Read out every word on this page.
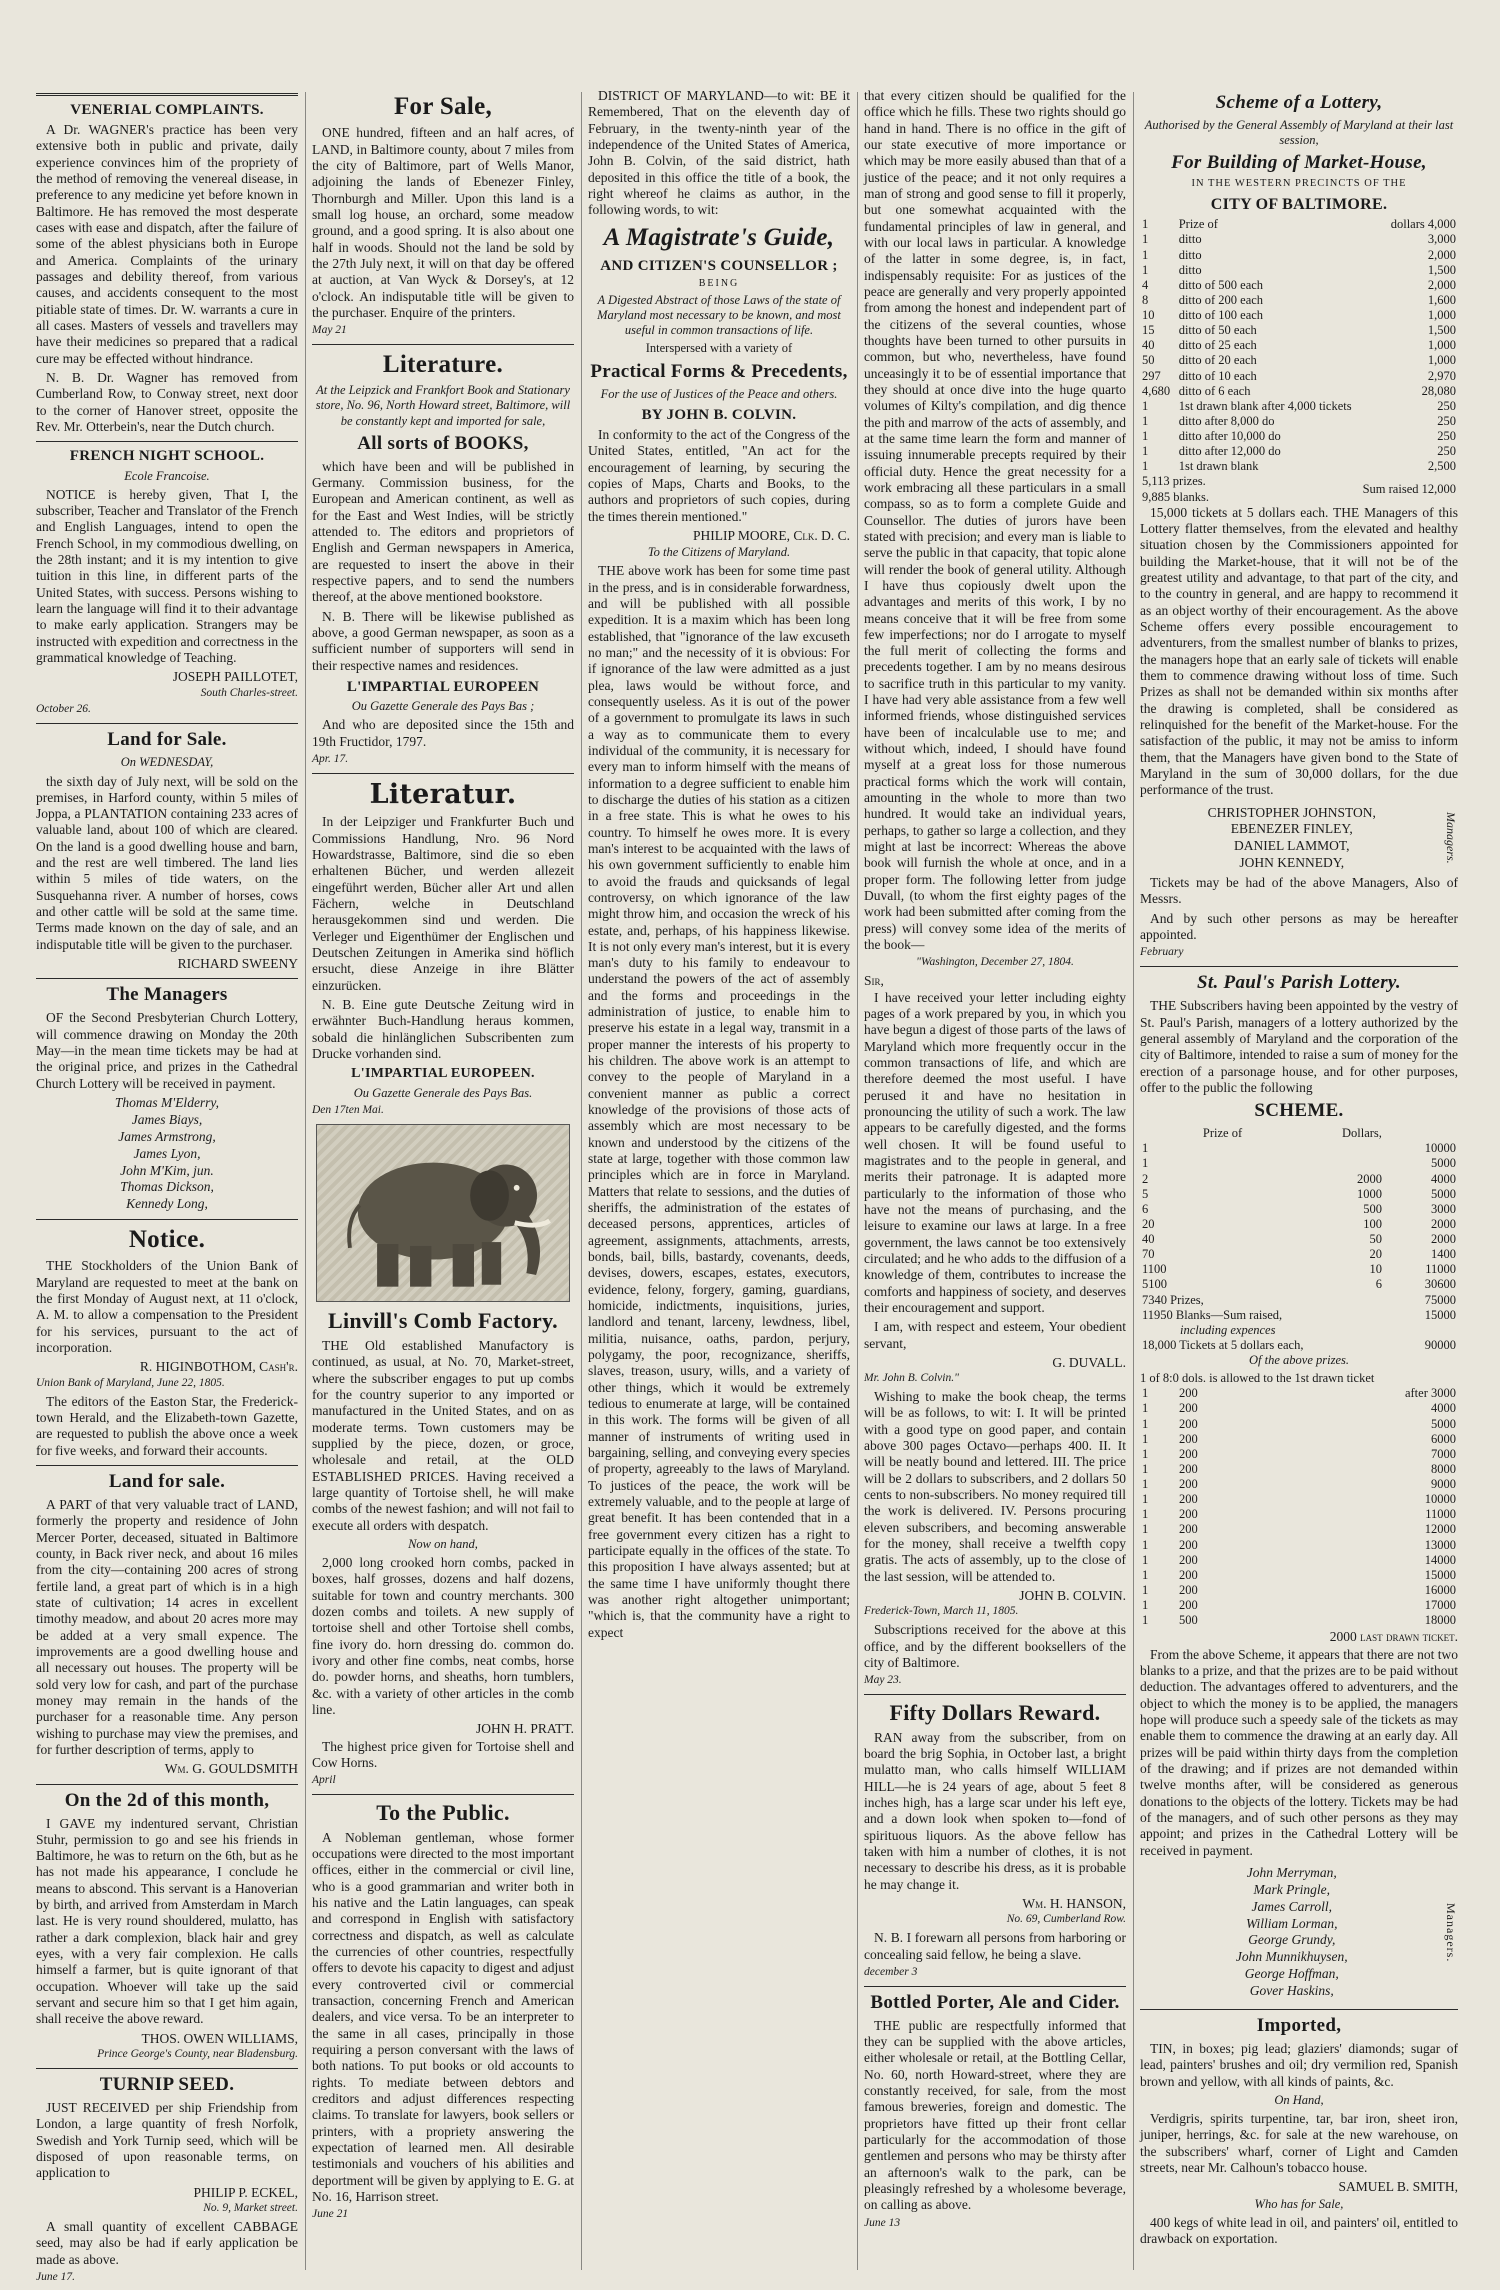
VENERIAL COMPLAINTS.

A Dr. WAGNER's practice has been very extensive both in public and private, daily experience convinces him of the propriety of the method of removing the venereal disease, in preference to any medicine yet before known in Baltimore. He has removed the most desperate cases with ease and dispatch, after the failure of some of the ablest physicians both in Europe and America. Complaints of the urinary passages and debility thereof, from various causes, and accidents consequent to the most pitiable state of times. Dr. W. warrants a cure in all cases. Masters of vessels and travellers may have their medicines so prepared that a radical cure may be effected without hindrance.

N. B. Dr. Wagner has removed from Cumberland Row, to Conway street, next door to the corner of Hanover street, opposite the Rev. Mr. Otterbein's, near the Dutch church.

FRENCH NIGHT SCHOOL.
Ecole Francoise.

NOTICE is hereby given, That I, the subscriber, Teacher and Translator of the French and English Languages, intend to open the French School, in my commodious dwelling, on the 28th instant; and it is my intention to give tuition in this line, in different parts of the United States, with success. Persons wishing to learn the language will find it to their advantage to make early application. Strangers may be instructed with expedition and correctness in the grammatical knowledge of Teaching.

JOSEPH PAILLOTET,
South Charles-street.
October 26.
Land for Sale.
On WEDNESDAY,

the sixth day of July next, will be sold on the premises, in Harford county, within 5 miles of Joppa, a PLANTATION containing 233 acres of valuable land, about 100 of which are cleared. On the land is a good dwelling house and barn, and the rest are well timbered. The land lies within 5 miles of tide waters, on the Susquehanna river. A number of horses, cows and other cattle will be sold at the same time. Terms made known on the day of sale, and an indisputable title will be given to the purchaser.

RICHARD SWEENY
The Managers

OF the Second Presbyterian Church Lottery, will commence drawing on Monday the 20th May—in the mean time tickets may be had at the original price, and prizes in the Cathedral Church Lottery will be received in payment.

Thomas M'Elderry,
James Biays,
James Armstrong,
James Lyon,
John M'Kim, jun.
Thomas Dickson,
Kennedy Long,
Notice.

THE Stockholders of the Union Bank of Maryland are requested to meet at the bank on the first Monday of August next, at 11 o'clock, A. M. to allow a compensation to the President for his services, pursuant to the act of incorporation.

R. HIGINBOTHOM, Cash'r.
Union Bank of Maryland, June 22, 1805.

The editors of the Easton Star, the Frederick-town Herald, and the Elizabeth-town Gazette, are requested to publish the above once a week for five weeks, and forward their accounts.

Land for sale.

A PART of that very valuable tract of LAND, formerly the property and residence of John Mercer Porter, deceased, situated in Baltimore county, in Back river neck, and about 16 miles from the city—containing 200 acres of strong fertile land, a great part of which is in a high state of cultivation; 14 acres in excellent timothy meadow, and about 20 acres more may be added at a very small expence. The improvements are a good dwelling house and all necessary out houses. The property will be sold very low for cash, and part of the purchase money may remain in the hands of the purchaser for a reasonable time. Any person wishing to purchase may view the premises, and for further description of terms, apply to

Wm. G. GOULDSMITH
On the 2d of this month,

I GAVE my indentured servant, Christian Stuhr, permission to go and see his friends in Baltimore, he was to return on the 6th, but as he has not made his appearance, I conclude he means to abscond. This servant is a Hanoverian by birth, and arrived from Amsterdam in March last. He is very round shouldered, mulatto, has rather a dark complexion, black hair and grey eyes, with a very fair complexion. He calls himself a farmer, but is quite ignorant of that occupation. Whoever will take up the said servant and secure him so that I get him again, shall receive the above reward.

THOS. OWEN WILLIAMS,
Prince George's County, near Bladensburg.
TURNIP SEED.

JUST RECEIVED per ship Friendship from London, a large quantity of fresh Norfolk, Swedish and York Turnip seed, which will be disposed of upon reasonable terms, on application to

PHILIP P. ECKEL,
No. 9, Market street.

A small quantity of excellent CABBAGE seed, may also be had if early application be made as above.

June 17.
For Sale,

ONE hundred, fifteen and an half acres, of LAND, in Baltimore county, about 7 miles from the city of Baltimore, part of Wells Manor, adjoining the lands of Ebenezer Finley, Thornburgh and Miller. Upon this land is a small log house, an orchard, some meadow ground, and a good spring. It is also about one half in woods. Should not the land be sold by the 27th July next, it will on that day be offered at auction, at Van Wyck & Dorsey's, at 12 o'clock. An indisputable title will be given to the purchaser. Enquire of the printers.

May 21
Literature.
At the Leipzick and Frankfort Book and Stationary store, No. 96, North Howard street, Baltimore, will be constantly kept and imported for sale,
All sorts of BOOKS,

which have been and will be published in Germany. Commission business, for the European and American continent, as well as for the East and West Indies, will be strictly attended to. The editors and proprietors of English and German newspapers in America, are requested to insert the above in their respective papers, and to send the numbers thereof, at the above mentioned bookstore.

N. B. There will be likewise published as above, a good German newspaper, as soon as a sufficient number of supporters will send in their respective names and residences.

L'IMPARTIAL EUROPEEN
Ou Gazette Generale des Pays Bas ;

And who are deposited since the 15th and 19th Fructidor, 1797.

Apr. 17.
Literatur.

In der Leipziger und Frankfurter Buch und Commissions Handlung, Nro. 96 Nord Howardstrasse, Baltimore, sind die so eben erhaltenen Bücher, und werden allezeit eingeführt werden, Bücher aller Art und allen Fächern, welche in Deutschland herausgekommen sind und werden. Die Verleger und Eigenthümer der Englischen und Deutschen Zeitungen in Amerika sind höflich ersucht, diese Anzeige in ihre Blätter einzurücken.

N. B. Eine gute Deutsche Zeitung wird in erwähnter Buch-Handlung heraus kommen, sobald die hinlänglichen Subscribenten zum Drucke vorhanden sind.

L'IMPARTIAL EUROPEEN.
Ou Gazette Generale des Pays Bas.
Den 17ten Mai.
Linvill's Comb Factory.

THE Old established Manufactory is continued, as usual, at No. 70, Market-street, where the subscriber engages to put up combs for the country superior to any imported or manufactured in the United States, and on as moderate terms. Town customers may be supplied by the piece, dozen, or groce, wholesale and retail, at the OLD ESTABLISHED PRICES. Having received a large quantity of Tortoise shell, he will make combs of the newest fashion; and will not fail to execute all orders with despatch.

Now on hand,

2,000 long crooked horn combs, packed in boxes, half grosses, dozens and half dozens, suitable for town and country merchants. 300 dozen combs and toilets. A new supply of tortoise shell and other Tortoise shell combs, fine ivory do. horn dressing do. common do. ivory and other fine combs, neat combs, horse do. powder horns, and sheaths, horn tumblers, &c. with a variety of other articles in the comb line.

JOHN H. PRATT.

The highest price given for Tortoise shell and Cow Horns.

April
To the Public.

A Nobleman gentleman, whose former occupations were directed to the most important offices, either in the commercial or civil line, who is a good grammarian and writer both in his native and the Latin languages, can speak and correspond in English with satisfactory correctness and dispatch, as well as calculate the currencies of other countries, respectfully offers to devote his capacity to digest and adjust every controverted civil or commercial transaction, concerning French and American dealers, and vice versa. To be an interpreter to the same in all cases, principally in those requiring a person conversant with the laws of both nations. To put books or old accounts to rights. To mediate between debtors and creditors and adjust differences respecting claims. To translate for lawyers, book sellers or printers, with a propriety answering the expectation of learned men. All desirable testimonials and vouchers of his abilities and deportment will be given by applying to E. G. at No. 16, Harrison street.

June 21

DISTRICT OF MARYLAND—to wit: BE it Remembered, That on the eleventh day of February, in the twenty-ninth year of the independence of the United States of America, John B. Colvin, of the said district, hath deposited in this office the title of a book, the right whereof he claims as author, in the following words, to wit:

A Magistrate's Guide,
AND CITIZEN'S COUNSELLOR ;
BEING
A Digested Abstract of those Laws of the state of Maryland most necessary to be known, and most useful in common transactions of life.
Interspersed with a variety of
Practical Forms & Precedents,
For the use of Justices of the Peace and others.
BY JOHN B. COLVIN.

In conformity to the act of the Congress of the United States, entitled, "An act for the encouragement of learning, by securing the copies of Maps, Charts and Books, to the authors and proprietors of such copies, during the times therein mentioned."

PHILIP MOORE, Clk. D. C.
To the Citizens of Maryland.

THE above work has been for some time past in the press, and is in considerable forwardness, and will be published with all possible expedition. It is a maxim which has been long established, that "ignorance of the law excuseth no man;" and the necessity of it is obvious: For if ignorance of the law were admitted as a just plea, laws would be without force, and consequently useless. As it is out of the power of a government to promulgate its laws in such a way as to communicate them to every individual of the community, it is necessary for every man to inform himself with the means of information to a degree sufficient to enable him to discharge the duties of his station as a citizen in a free state. This is what he owes to his country. To himself he owes more. It is every man's interest to be acquainted with the laws of his own government sufficiently to enable him to avoid the frauds and quicksands of legal controversy, on which ignorance of the law might throw him, and occasion the wreck of his estate, and, perhaps, of his happiness likewise. It is not only every man's interest, but it is every man's duty to his family to endeavour to understand the powers of the act of assembly and the forms and proceedings in the administration of justice, to enable him to preserve his estate in a legal way, transmit in a proper manner the interests of his property to his children. The above work is an attempt to convey to the people of Maryland in a convenient manner as public a correct knowledge of the provisions of those acts of assembly which are most necessary to be known and understood by the citizens of the state at large, together with those common law principles which are in force in Maryland. Matters that relate to sessions, and the duties of sheriffs, the administration of the estates of deceased persons, apprentices, articles of agreement, assignments, attachments, arrests, bonds, bail, bills, bastardy, covenants, deeds, devises, dowers, escapes, estates, executors, evidence, felony, forgery, gaming, guardians, homicide, indictments, inquisitions, juries, landlord and tenant, larceny, lewdness, libel, militia, nuisance, oaths, pardon, perjury, polygamy, the poor, recognizance, sheriffs, slaves, treason, usury, wills, and a variety of other things, which it would be extremely tedious to enumerate at large, will be contained in this work. The forms will be given of all manner of instruments of writing used in bargaining, selling, and conveying every species of property, agreeably to the laws of Maryland. To justices of the peace, the work will be extremely valuable, and to the people at large of great benefit. It has been contended that in a free government every citizen has a right to participate equally in the offices of the state. To this proposition I have always assented; but at the same time I have uniformly thought there was another right altogether unimportant; "which is, that the community have a right to expect

that every citizen should be qualified for the office which he fills. These two rights should go hand in hand. There is no office in the gift of our state executive of more importance or which may be more easily abused than that of a justice of the peace; and it not only requires a man of strong and good sense to fill it properly, but one somewhat acquainted with the fundamental principles of law in general, and with our local laws in particular. A knowledge of the latter in some degree, is, in fact, indispensably requisite: For as justices of the peace are generally and very properly appointed from among the honest and independent part of the citizens of the several counties, whose thoughts have been turned to other pursuits in common, but who, nevertheless, have found unceasingly it to be of essential importance that they should at once dive into the huge quarto volumes of Kilty's compilation, and dig thence the pith and marrow of the acts of assembly, and at the same time learn the form and manner of issuing innumerable precepts required by their official duty. Hence the great necessity for a work embracing all these particulars in a small compass, so as to form a complete Guide and Counsellor. The duties of jurors have been stated with precision; and every man is liable to serve the public in that capacity, that topic alone will render the book of general utility. Although I have thus copiously dwelt upon the advantages and merits of this work, I by no means conceive that it will be free from some few imperfections; nor do I arrogate to myself the full merit of collecting the forms and precedents together. I am by no means desirous to sacrifice truth in this particular to my vanity. I have had very able assistance from a few well informed friends, whose distinguished services have been of incalculable use to me; and without which, indeed, I should have found myself at a great loss for those numerous practical forms which the work will contain, amounting in the whole to more than two hundred. It would take an individual years, perhaps, to gather so large a collection, and they might at last be incorrect: Whereas the above book will furnish the whole at once, and in a proper form. The following letter from judge Duvall, (to whom the first eighty pages of the work had been submitted after coming from the press) will convey some idea of the merits of the book—

"Washington, December 27, 1804.
Sir,

I have received your letter including eighty pages of a work prepared by you, in which you have begun a digest of those parts of the laws of Maryland which more frequently occur in the common transactions of life, and which are therefore deemed the most useful. I have perused it and have no hesitation in pronouncing the utility of such a work. The law appears to be carefully digested, and the forms well chosen. It will be found useful to magistrates and to the people in general, and merits their patronage. It is adapted more particularly to the information of those who have not the means of purchasing, and the leisure to examine our laws at large. In a free government, the laws cannot be too extensively circulated; and he who adds to the diffusion of a knowledge of them, contributes to increase the comforts and happiness of society, and deserves their encouragement and support.

I am, with respect and esteem, Your obedient servant,

G. DUVALL.
Mr. John B. Colvin."

Wishing to make the book cheap, the terms will be as follows, to wit: I. It will be printed with a good type on good paper, and contain above 300 pages Octavo—perhaps 400. II. It will be neatly bound and lettered. III. The price will be 2 dollars to subscribers, and 2 dollars 50 cents to non-subscribers. No money required till the work is delivered. IV. Persons procuring eleven subscribers, and becoming answerable for the money, shall receive a twelfth copy gratis. The acts of assembly, up to the close of the last session, will be attended to.

JOHN B. COLVIN.
Frederick-Town, March 11, 1805.

Subscriptions received for the above at this office, and by the different booksellers of the city of Baltimore.

May 23.
Fifty Dollars Reward.

RAN away from the subscriber, from on board the brig Sophia, in October last, a bright mulatto man, who calls himself WILLIAM HILL—he is 24 years of age, about 5 feet 8 inches high, has a large scar under his left eye, and a down look when spoken to—fond of spirituous liquors. As the above fellow has taken with him a number of clothes, it is not necessary to describe his dress, as it is probable he may change it.

Wm. H. HANSON,
No. 69, Cumberland Row.

N. B. I forewarn all persons from harboring or concealing said fellow, he being a slave.

december 3
Bottled Porter, Ale and Cider.

THE public are respectfully informed that they can be supplied with the above articles, either wholesale or retail, at the Bottling Cellar, No. 60, north Howard-street, where they are constantly received, for sale, from the most famous breweries, foreign and domestic. The proprietors have fitted up their front cellar particularly for the accommodation of those gentlemen and persons who may be thirsty after an afternoon's walk to the park, can be pleasingly refreshed by a wholesome beverage, on calling as above.

June 13
Scheme of a Lottery,
Authorised by the General Assembly of Maryland at their last session,
For Building of Market-House,
IN THE WESTERN PRECINCTS OF THE
CITY OF BALTIMORE.
1	Prize of	dollars 4,000
1	ditto	3,000
1	ditto	2,000
1	ditto	1,500
4	ditto of 500 each	2,000
8	ditto of 200 each	1,600
10	ditto of 100 each	1,000
15	ditto of 50 each	1,500
40	ditto of 25 each	1,000
50	ditto of 20 each	1,000
297	ditto of 10 each	2,970
4,680	ditto of 6 each	28,080
1	1st drawn blank after 4,000 tickets	250
1	ditto after 8,000 do	250
1	ditto after 10,000 do	250
1	ditto after 12,000 do	250
1	1st drawn blank	2,500
5,113 prizes.	Sum raised 12,000
9,885 blanks.

15,000 tickets at 5 dollars each. THE Managers of this Lottery flatter themselves, from the elevated and healthy situation chosen by the Commissioners appointed for building the Market-house, that it will not be of the greatest utility and advantage, to that part of the city, and to the country in general, and are happy to recommend it as an object worthy of their encouragement. As the above Scheme offers every possible encouragement to adventurers, from the smallest number of blanks to prizes, the managers hope that an early sale of tickets will enable them to commence drawing without loss of time. Such Prizes as shall not be demanded within six months after the drawing is completed, shall be considered as relinquished for the benefit of the Market-house. For the satisfaction of the public, it may not be amiss to inform them, that the Managers have given bond to the State of Maryland in the sum of 30,000 dollars, for the due performance of the trust.

CHRISTOPHER JOHNSTON,
EBENEZER FINLEY,
DANIEL LAMMOT,
JOHN KENNEDY,	Managers.

Tickets may be had of the above Managers, Also of Messrs.

And by such other persons as may be hereafter appointed.

February
St. Paul's Parish Lottery.

THE Subscribers having been appointed by the vestry of St. Paul's Parish, managers of a lottery authorized by the general assembly of Maryland and the corporation of the city of Baltimore, intended to raise a sum of money for the erection of a parsonage house, and for other purposes, offer to the public the following

SCHEME.
	Prize of	Dollars,	
1			10000
1			5000
2		2000	4000
5		1000	5000
6		500	3000
20		100	2000
40		50	2000
70		20	1400
1100		10	11000
5100		6	30600
7340 Prizes,	75000
11950 Blanks—Sum raised,	15000
including expences	
18,000 Tickets at 5 dollars each,	90000
Of the above prizes.
1 of 8:0 dols. is allowed to the 1st drawn ticket
1	200	after 3000
1	200	4000
1	200	5000
1	200	6000
1	200	7000
1	200	8000
1	200	9000
1	200	10000
1	200	11000
1	200	12000
1	200	13000
1	200	14000
1	200	15000
1	200	16000
1	200	17000
1	500	18000
2000 last drawn ticket.

From the above Scheme, it appears that there are not two blanks to a prize, and that the prizes are to be paid without deduction. The advantages offered to adventurers, and the object to which the money is to be applied, the managers hope will produce such a speedy sale of the tickets as may enable them to commence the drawing at an early day. All prizes will be paid within thirty days from the completion of the drawing; and if prizes are not demanded within twelve months after, will be considered as generous donations to the objects of the lottery. Tickets may be had of the managers, and of such other persons as they may appoint; and prizes in the Cathedral Lottery will be received in payment.

John Merryman,
Mark Pringle,
James Carroll,
William Lorman,
George Grundy,
John Munnikhuysen,
George Hoffman,
Gover Haskins,
Managers.
Imported,

TIN, in boxes; pig lead; glaziers' diamonds; sugar of lead, painters' brushes and oil; dry vermilion red, Spanish brown and yellow, with all kinds of paints, &c.

On Hand,

Verdigris, spirits turpentine, tar, bar iron, sheet iron, juniper, herrings, &c. for sale at the new warehouse, on the subscribers' wharf, corner of Light and Camden streets, near Mr. Calhoun's tobacco house.

SAMUEL B. SMITH,
Who has for Sale,

400 kegs of white lead in oil, and painters' oil, entitled to drawback on exportation.
